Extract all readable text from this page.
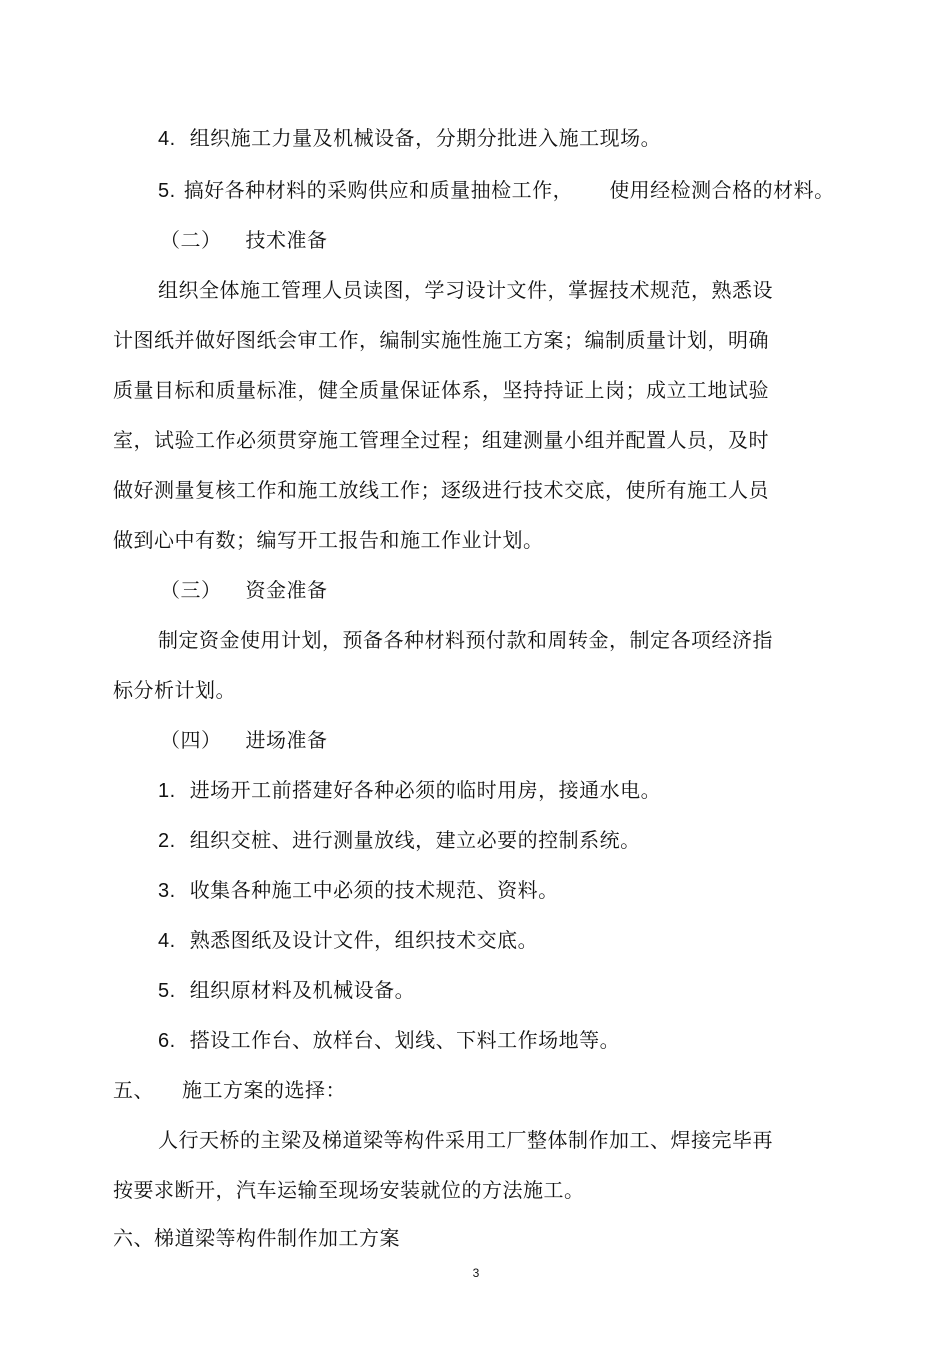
4. 组织施工力量及机械设备，分期分批进入施工现场。
5. 搞好各种材料的采购供应和质量抽检工作， 使用经检测合格的材料。
（二） 技术准备
组织全体施工管理人员读图，学习设计文件，掌握技术规范，熟悉设
计图纸并做好图纸会审工作，编制实施性施工方案；编制质量计划，明确
质量目标和质量标准，健全质量保证体系，坚持持证上岗；成立工地试验
室，试验工作必须贯穿施工管理全过程；组建测量小组并配置人员，及时
做好测量复核工作和施工放线工作；逐级进行技术交底，使所有施工人员
做到心中有数；编写开工报告和施工作业计划。
（三） 资金准备
制定资金使用计划，预备各种材料预付款和周转金，制定各项经济指
标分析计划。
（四） 进场准备
1. 进场开工前搭建好各种必须的临时用房，接通水电。
2. 组织交桩、进行测量放线，建立必要的控制系统。
3. 收集各种施工中必须的技术规范、资料。
4. 熟悉图纸及设计文件，组织技术交底。
5. 组织原材料及机械设备。
6. 搭设工作台、放样台、划线、下料工作场地等。
五、 施工方案的选择：
人行天桥的主梁及梯道梁等构件采用工厂整体制作加工、焊接完毕再
按要求断开，汽车运输至现场安装就位的方法施工。
六、梯道梁等构件制作加工方案
3
